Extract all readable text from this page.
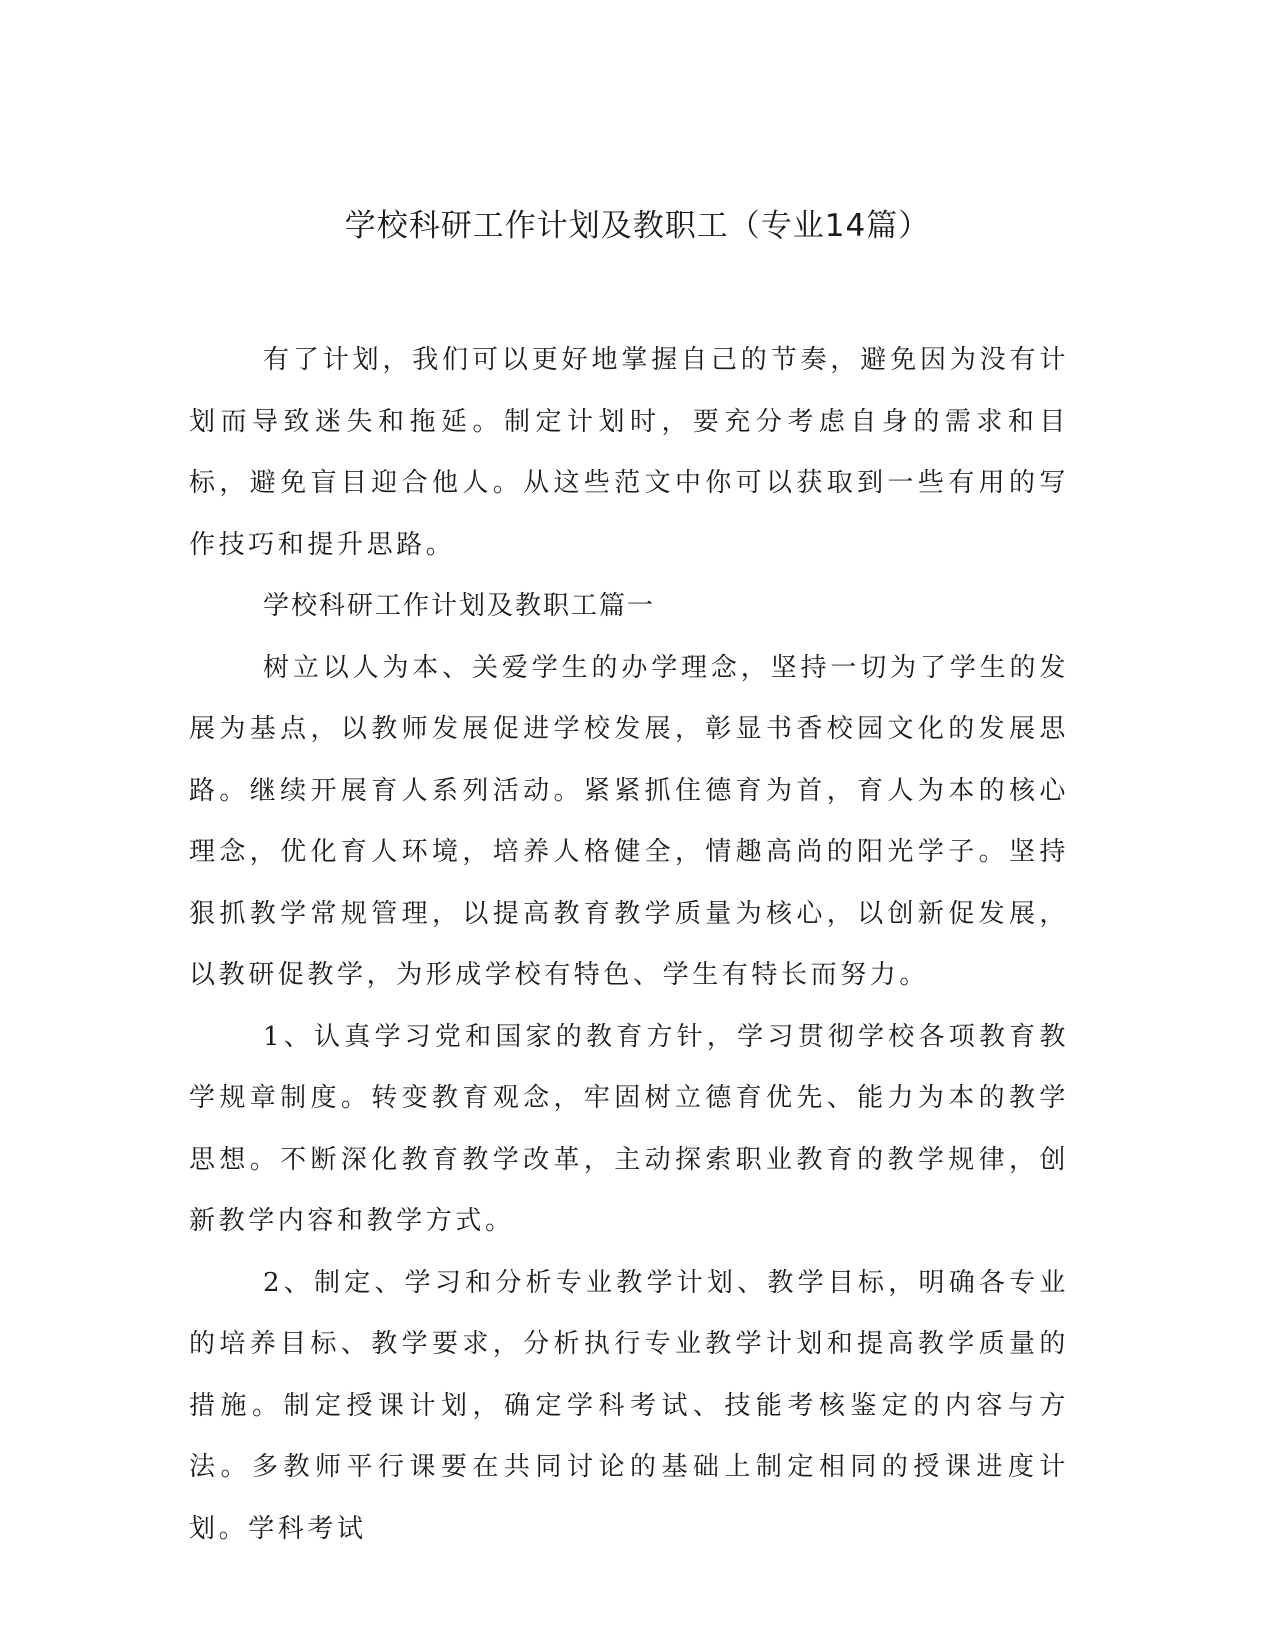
学校科研工作计划及教职工（专业14篇）

有了计划，我们可以更好地掌握自己的节奏，避免因为没有计划而导致迷失和拖延。制定计划时，要充分考虑自身的需求和目标，避免盲目迎合他人。从这些范文中你可以获取到一些有用的写作技巧和提升思路。

学校科研工作计划及教职工篇一

树立以人为本、关爱学生的办学理念，坚持一切为了学生的发展为基点，以教师发展促进学校发展，彰显书香校园文化的发展思路。继续开展育人系列活动。紧紧抓住德育为首，育人为本的核心理念，优化育人环境，培养人格健全，情趣高尚的阳光学子。坚持狠抓教学常规管理，以提高教育教学质量为核心，以创新促发展，以教研促教学，为形成学校有特色、学生有特长而努力。

1、认真学习党和国家的教育方针，学习贯彻学校各项教育教学规章制度。转变教育观念，牢固树立德育优先、能力为本的教学思想。不断深化教育教学改革，主动探索职业教育的教学规律，创新教学内容和教学方式。

2、制定、学习和分析专业教学计划、教学目标，明确各专业的培养目标、教学要求，分析执行专业教学计划和提高教学质量的措施。制定授课计划，确定学科考试、技能考核鉴定的内容与方法。多教师平行课要在共同讨论的基础上制定相同的授课进度计划。学科考试
